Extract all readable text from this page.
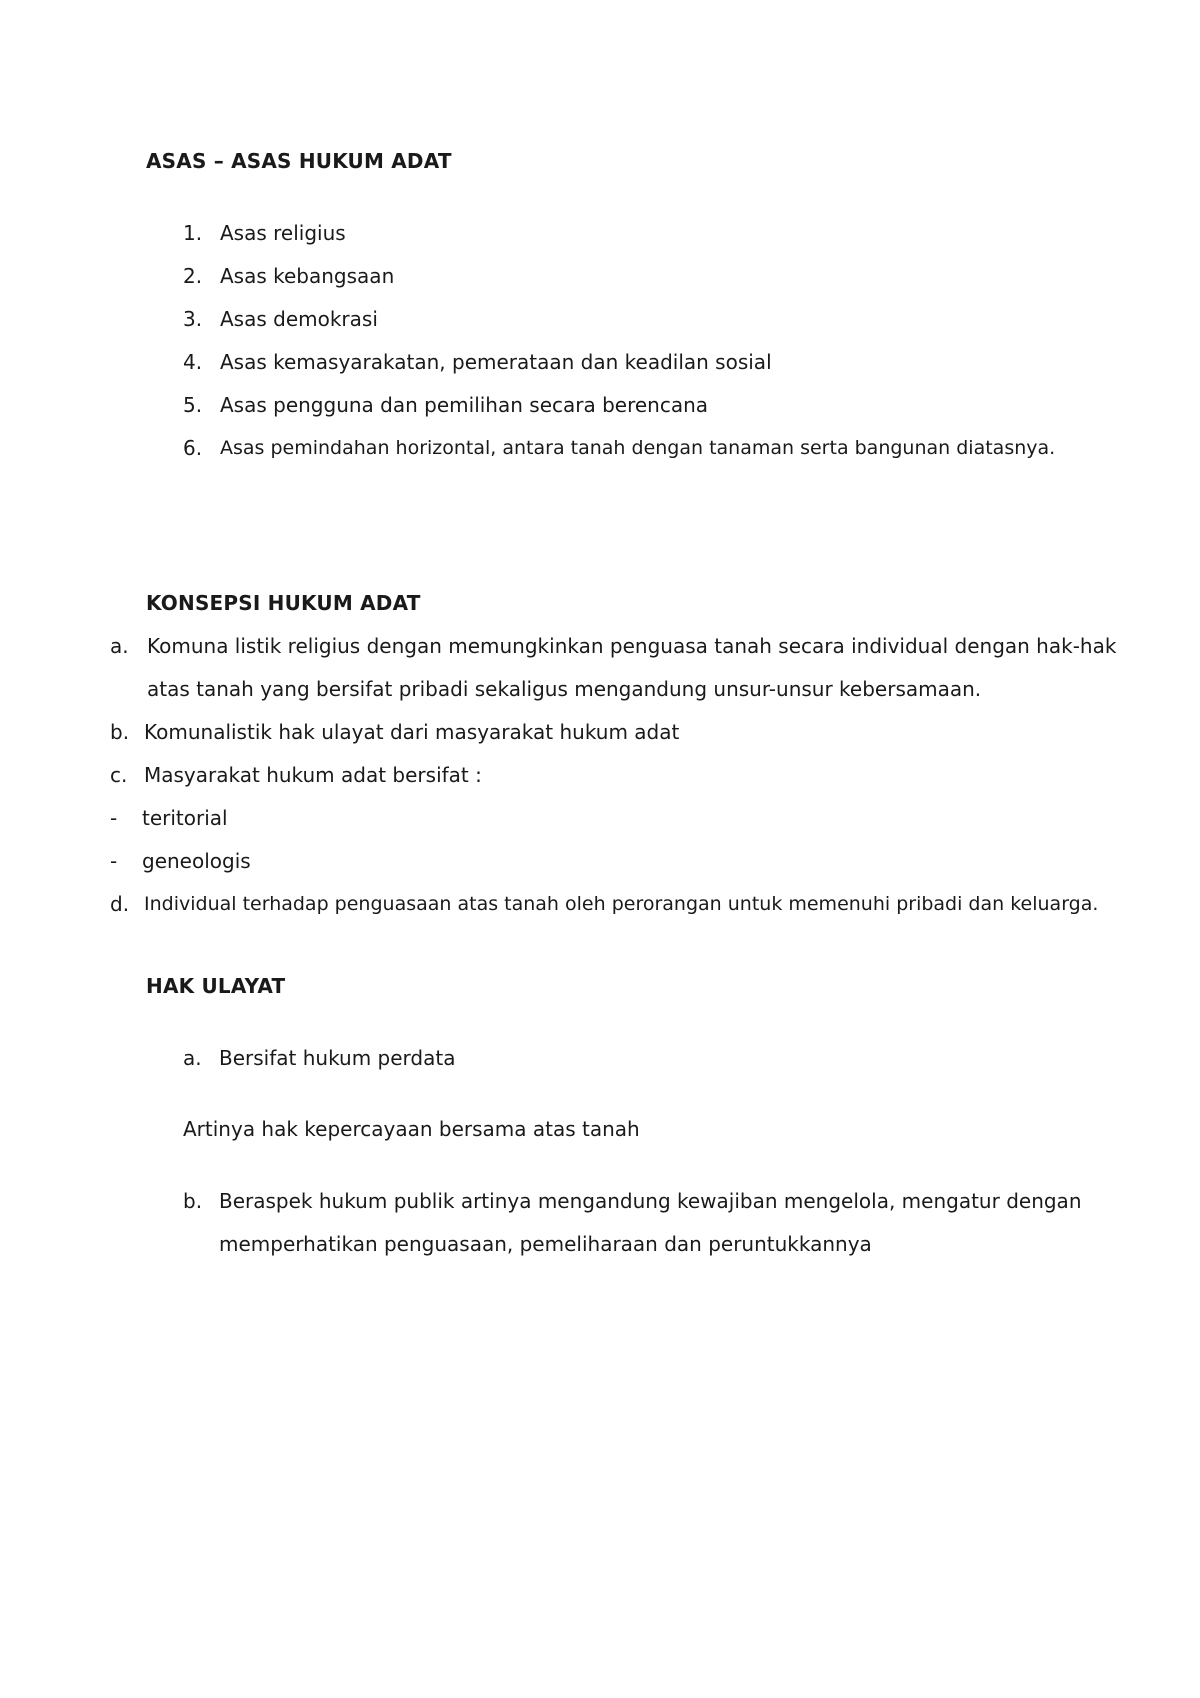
ASAS – ASAS HUKUM ADAT
1. Asas religius
2. Asas kebangsaan
3. Asas demokrasi
4. Asas kemasyarakatan, pemerataan dan keadilan sosial
5. Asas pengguna dan pemilihan secara berencana
6. Asas pemindahan horizontal, antara tanah dengan tanaman serta bangunan diatasnya.
KONSEPSI HUKUM ADAT
a. Komuna listik religius dengan memungkinkan penguasa tanah secara individual dengan hak-hak
atas tanah yang bersifat pribadi sekaligus mengandung unsur-unsur kebersamaan.
b. Komunalistik hak ulayat dari masyarakat hukum adat
c. Masyarakat hukum adat bersifat :
- teritorial
- geneologis
d. Individual terhadap penguasaan atas tanah oleh perorangan untuk memenuhi pribadi dan keluarga.
HAK ULAYAT
a. Bersifat hukum perdata
Artinya hak kepercayaan bersama atas tanah
b. Beraspek hukum publik artinya mengandung kewajiban mengelola, mengatur dengan
memperhatikan penguasaan, pemeliharaan dan peruntukkannya
